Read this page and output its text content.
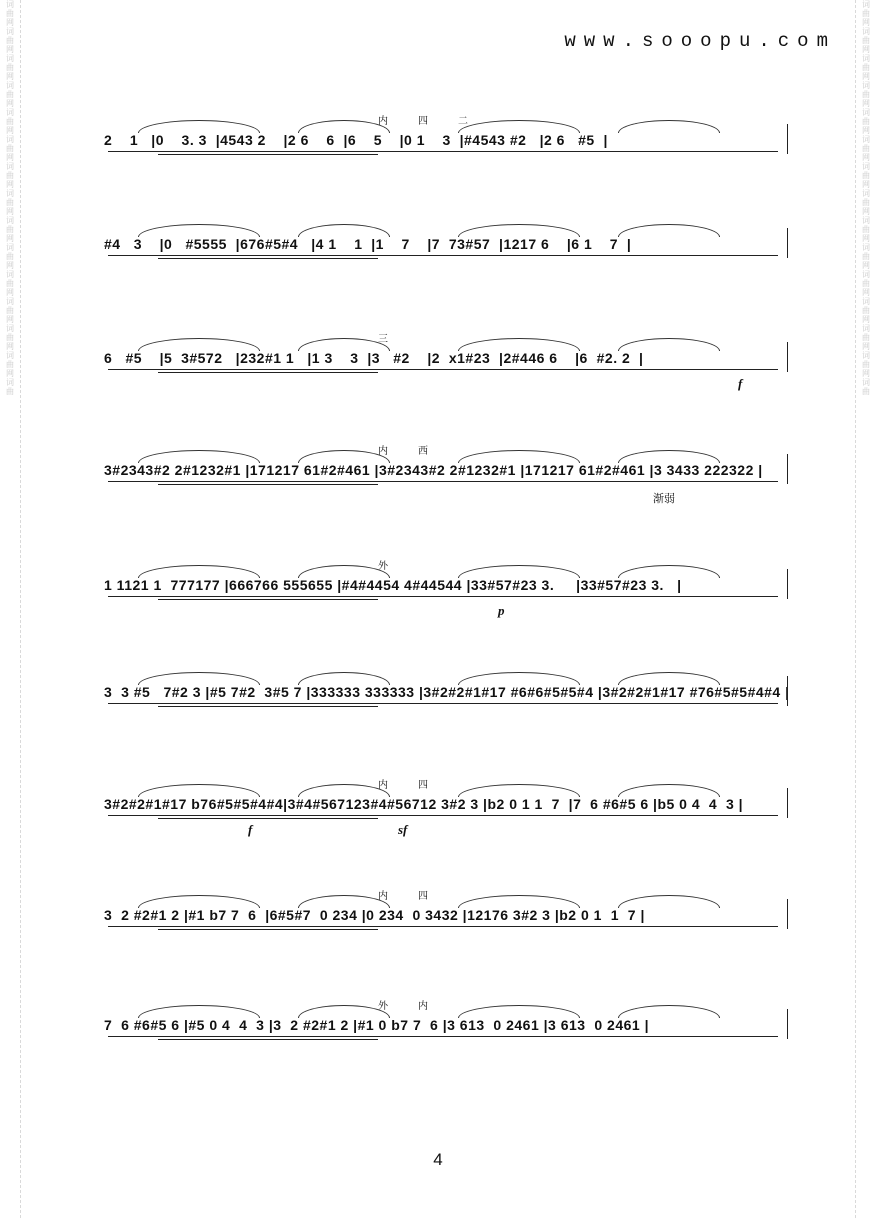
词
曲
网
词
曲
网
词
曲
网
词
曲
网
词
曲
网
词
曲
网
词
曲
网
词
曲
网
词
曲
网
词
曲
网
词
曲
网
词
曲
网
词
曲
网
词
曲
网
词
曲
词
曲
网
词
曲
网
词
曲
网
词
曲
网
词
曲
网
词
曲
网
词
曲
网
词
曲
网
词
曲
网
词
曲
网
词
曲
网
词
曲
网
词
曲
网
词
曲
网
词
曲
www.sooopu.com
2    1   |0    3. 3  |4543 2    |2 6    6  |6    5    |0 1    3  |#4543 #2   |2 6   #5  |
内	四	二
#4   3    |0   #5555  |676#5#4   |4 1    1  |1    7    |7  73#57  |1217 6    |6 1    7  |
6   #5    |5  3#572   |232#1 1   |1 3    3  |3   #2    |2  x1#23  |2#446 6    |6  #2. 2  |
三
f
3#2343#2 2#1232#1 |171217 61#2#461 |3#2343#2 2#1232#1 |171217 61#2#461 |3 3433 222322 |
内	西
渐弱
1 1121 1  777177 |666766 555655 |#4#4454 4#44544 |33#57#23 3.     |33#57#23 3.   |
外
p
3  3 #5   7#2 3 |#5 7#2  3#5 7 |333333 333333 |3#2#2#1#17 #6#6#5#5#4 |3#2#2#1#17 #76#5#5#4#4 |
3#2#2#1#17 b76#5#5#4#4|3#4#567123#4#56712 3#2 3 |b2 0 1 1  7  |7  6 #6#5 6 |b5 0 4  4  3 |
内	四
f	sf
3  2 #2#1 2 |#1 b7 7  6  |6#5#7  0 234 |0 234  0 3432 |12176 3#2 3 |b2 0 1  1  7 |
内	四
7  6 #6#5 6 |#5 0 4  4  3 |3  2 #2#1 2 |#1 0 b7 7  6 |3 613  0 2461 |3 613  0 2461 |
外	内
4
